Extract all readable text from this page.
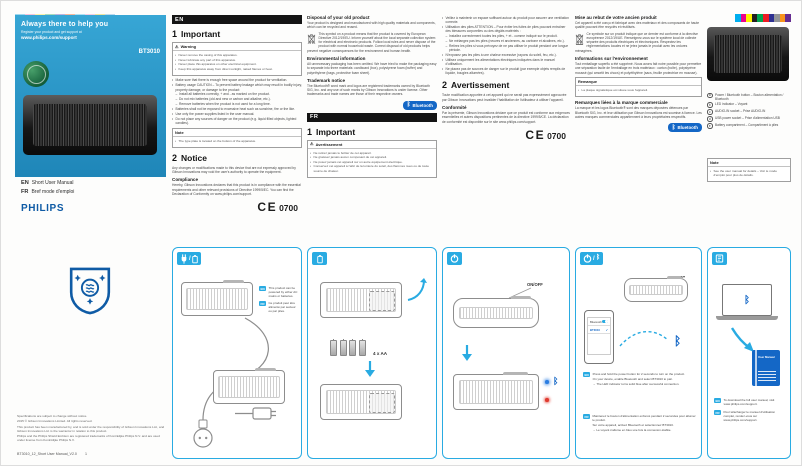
Always there to help you
Register your product and get support at
www.philips.com/support
BT3010
EN Short User Manual
FR Bref mode d'emploi
PHILIPS

Specifications are subject to change without notice.

2015 © Gibson Innovations Limited. All rights reserved.

This product has been manufactured by, and is sold under the responsibility of Gibson Innovations Ltd., and Gibson Innovations Ltd. is the warrantor in relation to this product.

Philips and the Philips Shield Emblem are registered trademarks of Koninklijke Philips N.V. and are used under license from Koninklijke Philips N.V.

BT3010_12_Short User Manual_V2.0 1
EN
1 Important
⚠ Warning
• Never remove the casing of this apparatus.
• Never lubricate any part of this apparatus.
• Never place this apparatus on other electrical equipment.
• Keep this apparatus away from direct sunlight, naked flames or heat.
• Make sure that there is enough free space around the product for ventilation.
• Battery usage CAUTION – To prevent battery leakage which may result in bodily injury, property damage, or damage to the product:
– Install all batteries correctly, + and - as marked on the product.
– Do not mix batteries (old and new or carbon and alkaline, etc.).
– Remove batteries when the product is not used for a long time.
• Batteries shall not be exposed to excessive heat such as sunshine, fire or the like.
• Use only the power supplies listed in the user manual.
• Do not place any sources of danger on the product (e.g. liquid filled objects, lighted candles).
Note
• The type plate is located on the bottom of the apparatus.
2 Notice

Any changes or modifications made to this device that are not expressly approved by Gibson Innovations may void the user's authority to operate the equipment.

Compliance

Hereby, Gibson Innovations declares that this product is in compliance with the essential requirements and other relevant provisions of Directive 1999/5/EC. You can find the Declaration of Conformity on www.philips.com/support.

CE 0700
Disposal of your old product

Your product is designed and manufactured with high quality materials and components, which can be recycled and reused.

This symbol on a product means that the product is covered by European Directive 2012/19/EU. Inform yourself about the local separate collection system for electrical and electronic products. Follow local rules and never dispose of the product with normal household waste. Correct disposal of old products helps prevent negative consequences for the environment and human health.

Environmental information

All unnecessary packaging has been omitted. We have tried to make the packaging easy to separate into three materials: cardboard (box), polystyrene foam (buffer) and polyethylene (bags, protective foam sheet).

Trademark notice

The Bluetooth® word mark and logos are registered trademarks owned by Bluetooth SIG, Inc. and any use of such marks by Gibson Innovations is under license. Other trademarks and trade names are those of their respective owners.

ᛒ Bluetooth
FR
1 Important
⚠ Avertissement
• Ne retirez jamais le boîtier de cet appareil.
• Ne graissez jamais aucun composant de cet appareil.
• Ne posez jamais cet appareil sur un autre équipement électrique.
• Conservez cet appareil à l'abri de la lumière du soleil, des flammes nues ou de toute source de chaleur.
• Veillez à maintenir un espace suffisant autour du produit pour assurer une ventilation correcte.
• Utilisation des piles ATTENTION – Pour éviter les fuites de piles pouvant entraîner des blessures corporelles ou des dégâts matériels :
– Installez correctement toutes les piles, + et - comme indiqué sur le produit.
– Ne mélangez pas les piles (neuves et anciennes, au carbone et alcalines, etc.).
– Retirez les piles si vous prévoyez de ne pas utiliser le produit pendant une longue période.
• N'exposez pas les piles à une chaleur excessive (rayons du soleil, feu, etc.).
• Utilisez uniquement les alimentations électriques indiquées dans le manuel d'utilisation.
• Ne placez pas de sources de danger sur le produit (par exemple objets remplis de liquide, bougies allumées).
2 Avertissement

Toute modification apportée à cet appareil qui ne serait pas expressément approuvée par Gibson Innovations peut invalider l'habilitation de l'utilisateur à utiliser l'appareil.

Conformité

Par la présente, Gibson Innovations déclare que ce produit est conforme aux exigences essentielles et autres dispositions pertinentes de la directive 1999/5/CE. La déclaration de conformité est disponible sur le site www.philips.com/support.

CE 0700
Mise au rebut de votre ancien produit

Cet appareil a été conçu et fabriqué avec des matériaux et des composants de haute qualité pouvant être recyclés et réutilisés.

Ce symbole sur un produit indique que ce dernier est conforme à la directive européenne 2012/19/UE. Renseignez-vous sur le système local de collecte séparée des produits électriques et électroniques. Respectez les réglementations locales et ne jetez jamais le produit avec les ordures ménagères.

Informations sur l'environnement

Tout emballage superflu a été supprimé. Nous avons fait notre possible pour permettre une séparation facile de l'emballage en trois matériaux : carton (boîte), polystyrène moussé (qui amortit les chocs) et polyéthylène (sacs, feuille protectrice en mousse).

Remarque
• La plaque signalétique est située sous l'appareil.
Remarques liées à la marque commerciale

La marque et les logos Bluetooth® sont des marques déposées détenues par Bluetooth SIG, Inc. et leur utilisation par Gibson Innovations est soumise à licence. Les autres marques commerciales appartiennent à leurs propriétaires respectifs.

ᛒ Bluetooth
a	Power / Bluetooth button – Bouton alimentation / Bluetooth
b	LED indicator – Voyant
c	AUDIO-IN socket – Prise AUDIO-IN
d	USB power socket – Prise d'alimentation USB
e	Battery compartment – Compartiment à piles
Note
• See the user manual for details – Voir le mode d'emploi pour plus de détails.
/
EN	This product can be powered by either AC mains or batteries.
FR	Ce produit peut être alimenté par secteur ou par piles.
4 x AA
ON/OFF
ᛒ
/ ᛒ
Bluetooth
BT3010 ✓
ᛒ
EN	Press and hold the power button for 2 seconds to turn on the product.
On your device, enable Bluetooth and select BT3010 to pair.
→ The LED indicator turns solid blue after successful connection.
FR	Maintenez le bouton d'alimentation enfoncé pendant 2 secondes pour allumer le produit.
Sur votre appareil, activez Bluetooth et sélectionnez BT3010.
→ Le voyant s'allume en bleu une fois la connexion établie.
ᛒ
User Manual
EN	To download the full user manual, visit www.philips.com/support.
FR	Pour télécharger le manuel d'utilisation complet, rendez-vous sur www.philips.com/support.
